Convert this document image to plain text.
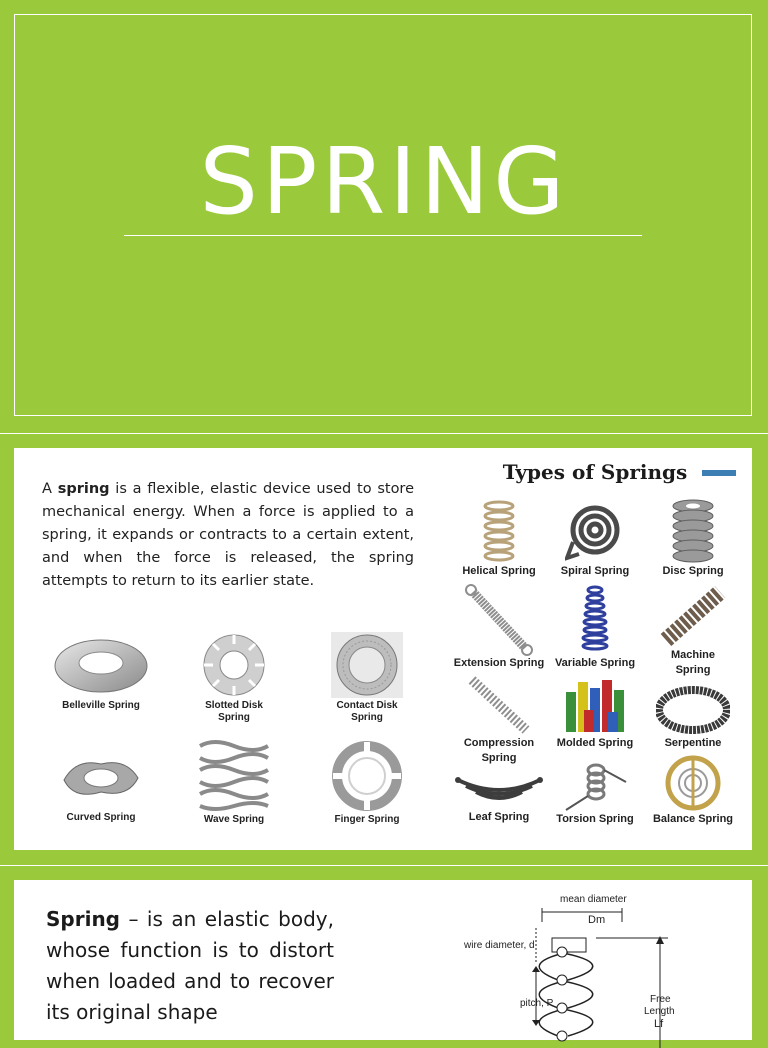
SPRING

A spring is a flexible, elastic device used to store mechanical energy. When a force is applied to a spring, it expands or contracts to a certain extent, and when the force is released, the spring attempts to return to its earlier state.

Belleville Spring	Slotted Disk
Spring
Contact Disk
Spring
Curved Spring	Wave Spring	Finger Spring
Types of Springs
Helical Spring	Spiral Spring	Disc Spring
Extension Spring Variable Spring
Machine
Spring
Compression
Spring
Molded Spring	Serpentine
Leaf Spring	Torsion Spring	Balance Spring

Spring – is an elastic body, whose function is to distort when loaded and to recover its original shape

mean diameter
Dm
wire diameter, d
pitch, P	Free
Length
Lf
